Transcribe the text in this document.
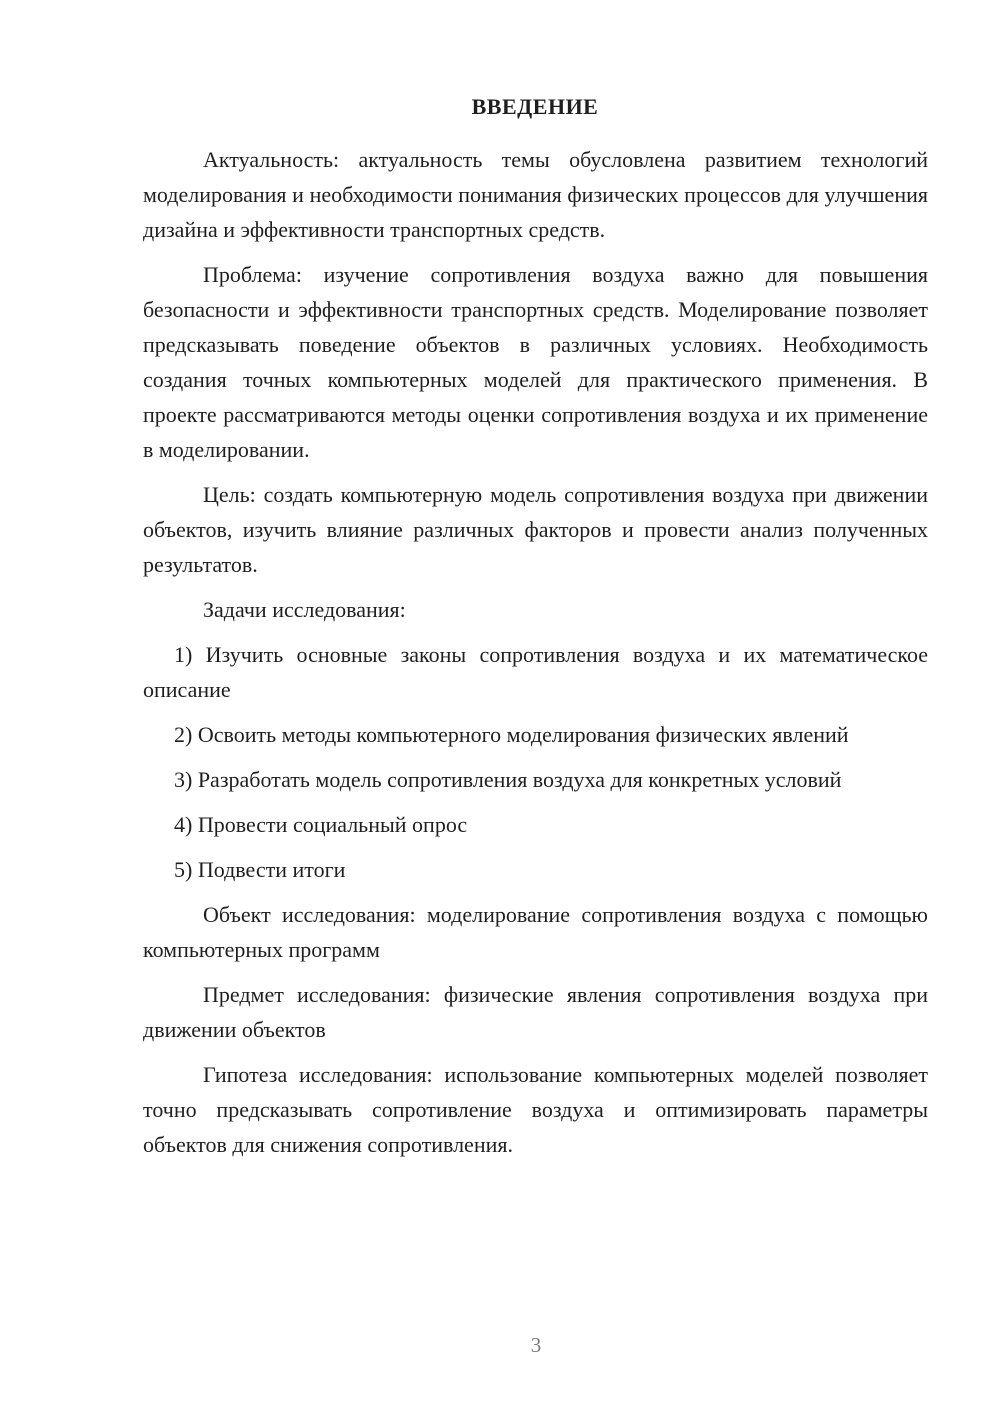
ВВЕДЕНИЕ

Актуальность: актуальность темы обусловлена развитием технологий моделирования и необходимости понимания физических процессов для улучшения дизайна и эффективности транспортных средств.

Проблема: изучение сопротивления воздуха важно для повышения безопасности и эффективности транспортных средств. Моделирование позволяет предсказывать поведение объектов в различных условиях. Необходимость создания точных компьютерных моделей для практического применения. В проекте рассматриваются методы оценки сопротивления воздуха и их применение в моделировании.

Цель: создать компьютерную модель сопротивления воздуха при движении объектов, изучить влияние различных факторов и провести анализ полученных результатов.

Задачи исследования:

1) Изучить основные законы сопротивления воздуха и их математическое описание

2) Освоить методы компьютерного моделирования физических явлений

3) Разработать модель сопротивления воздуха для конкретных условий

4) Провести социальный опрос

5) Подвести итоги

Объект исследования: моделирование сопротивления воздуха с помощью компьютерных программ

Предмет исследования: физические явления сопротивления воздуха при движении объектов

Гипотеза исследования: использование компьютерных моделей позволяет точно предсказывать сопротивление воздуха и оптимизировать параметры объектов для снижения сопротивления.

3
